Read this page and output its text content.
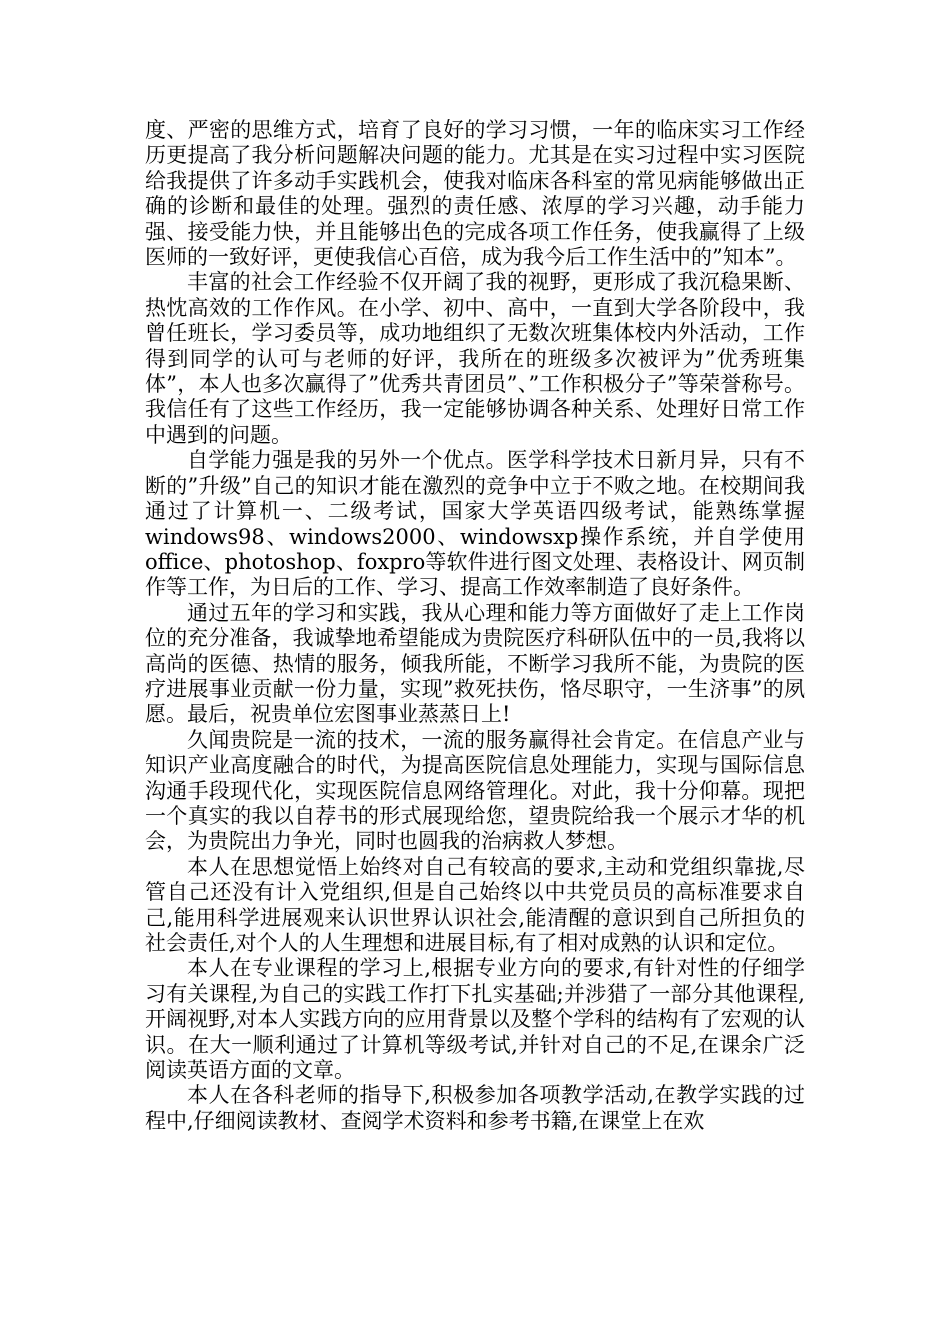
度、严密的思维方式，培育了良好的学习习惯，一年的临床实习工作经历更提高了我分析问题解决问题的能力。尤其是在实习过程中实习医院给我提供了许多动手实践机会，使我对临床各科室的常见病能够做出正确的诊断和最佳的处理。强烈的责任感、浓厚的学习兴趣，动手能力强、接受能力快，并且能够出色的完成各项工作任务，使我赢得了上级医师的一致好评，更使我信心百倍，成为我今后工作生活中的”知本”。

丰富的社会工作经验不仅开阔了我的视野，更形成了我沉稳果断、热忱高效的工作作风。在小学、初中、高中，一直到大学各阶段中，我曾任班长，学习委员等，成功地组织了无数次班集体校内外活动，工作得到同学的认可与老师的好评，我所在的班级多次被评为”优秀班集体”，本人也多次赢得了”优秀共青团员”、”工作积极分子”等荣誉称号。我信任有了这些工作经历，我一定能够协调各种关系、处理好日常工作中遇到的问题。

自学能力强是我的另外一个优点。医学科学技术日新月异，只有不断的”升级”自己的知识才能在激烈的竞争中立于不败之地。在校期间我通过了计算机一、二级考试，国家大学英语四级考试，能熟练掌握windows98、windows2000、windowsxp操作系统，并自学使用office、photoshop、foxpro等软件进行图文处理、表格设计、网页制作等工作，为日后的工作、学习、提高工作效率制造了良好条件。

通过五年的学习和实践，我从心理和能力等方面做好了走上工作岗位的充分准备，我诚挚地希望能成为贵院医疗科研队伍中的一员,我将以高尚的医德、热情的服务，倾我所能，不断学习我所不能，为贵院的医疗进展事业贡献一份力量，实现”救死扶伤，恪尽职守，一生济事”的夙愿。最后，祝贵单位宏图事业蒸蒸日上!

久闻贵院是一流的技术，一流的服务赢得社会肯定。在信息产业与知识产业高度融合的时代，为提高医院信息处理能力，实现与国际信息沟通手段现代化，实现医院信息网络管理化。对此，我十分仰幕。现把一个真实的我以自荐书的形式展现给您，望贵院给我一个展示才华的机会，为贵院出力争光，同时也圆我的治病救人梦想。

本人在思想觉悟上始终对自己有较高的要求,主动和党组织靠拢,尽管自己还没有计入党组织,但是自己始终以中共党员员的高标准要求自己,能用科学进展观来认识世界认识社会,能清醒的意识到自己所担负的社会责任,对个人的人生理想和进展目标,有了相对成熟的认识和定位。

本人在专业课程的学习上,根据专业方向的要求,有针对性的仔细学习有关课程,为自己的实践工作打下扎实基础;并涉猎了一部分其他课程,开阔视野,对本人实践方向的应用背景以及整个学科的结构有了宏观的认识。在大一顺利通过了计算机等级考试,并针对自己的不足,在课余广泛阅读英语方面的文章。

本人在各科老师的指导下,积极参加各项教学活动,在教学实践的过程中,仔细阅读教材、查阅学术资料和参考书籍,在课堂上在欢
